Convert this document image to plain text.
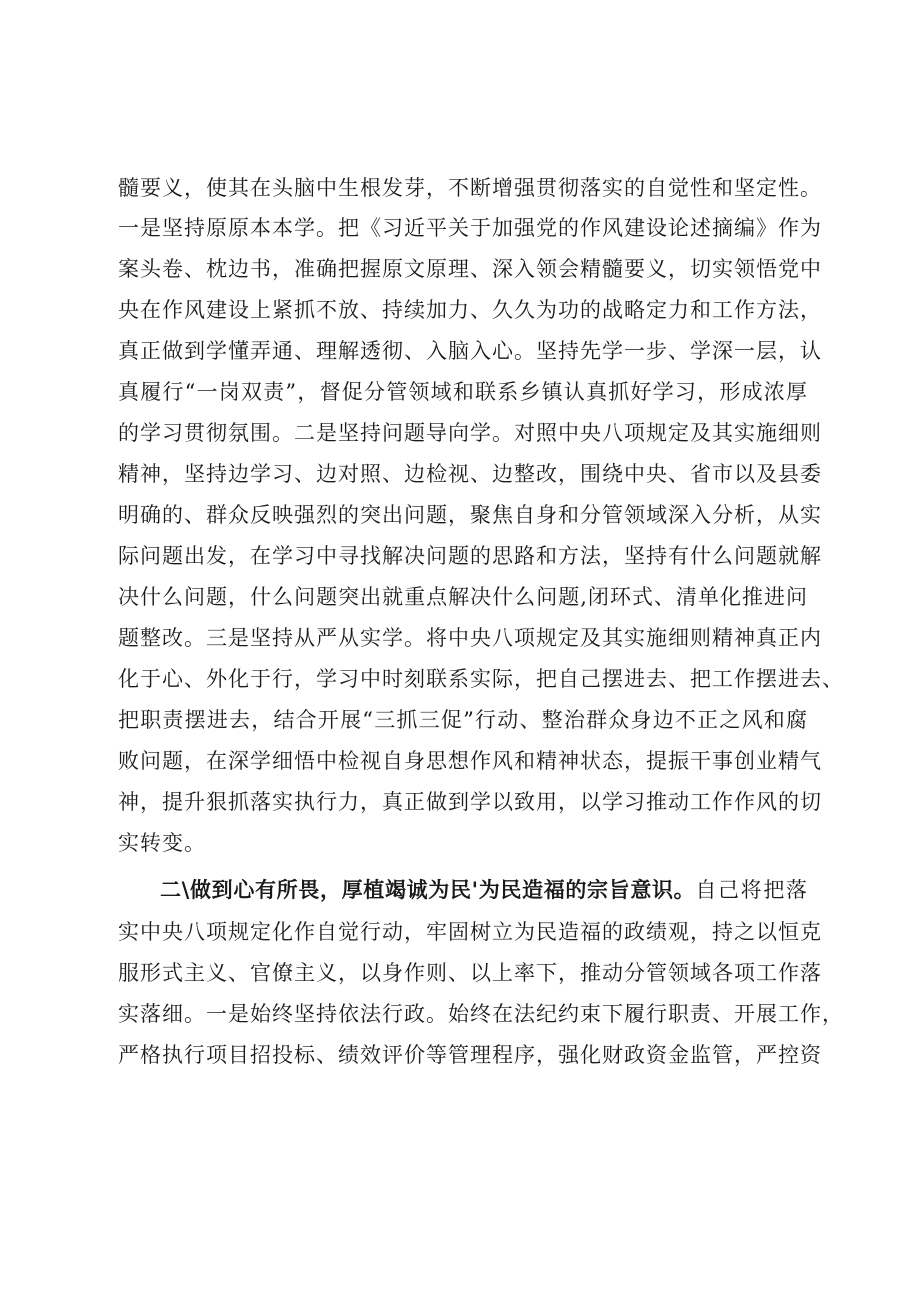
髓要义，使其在头脑中生根发芽，不断增强贯彻落实的自觉性和坚定性。
一是坚持原原本本学。把《习近平关于加强党的作风建设论述摘编》作为
案头卷、枕边书，准确把握原文原理、深入领会精髓要义，切实领悟党中
央在作风建设上紧抓不放、持续加力、久久为功的战略定力和工作方法，
真正做到学懂弄通、理解透彻、入脑入心。坚持先学一步、学深一层，认
真履行“一岗双责”，督促分管领域和联系乡镇认真抓好学习，形成浓厚
的学习贯彻氛围。二是坚持问题导向学。对照中央八项规定及其实施细则
精神，坚持边学习、边对照、边检视、边整改，围绕中央、省市以及县委
明确的、群众反映强烈的突出问题，聚焦自身和分管领域深入分析，从实
际问题出发，在学习中寻找解决问题的思路和方法，坚持有什么问题就解
决什么问题，什么问题突出就重点解决什么问题,闭环式、清单化推进问
题整改。三是坚持从严从实学。将中央八项规定及其实施细则精神真正内
化于心、外化于行，学习中时刻联系实际，把自己摆进去、把工作摆进去、
把职责摆进去，结合开展“三抓三促”行动、整治群众身边不正之风和腐
败问题，在深学细悟中检视自身思想作风和精神状态，提振干事创业精气
神，提升狠抓落实执行力，真正做到学以致用，以学习推动工作作风的切
实转变。
二\做到心有所畏，厚植竭诚为民'为民造福的宗旨意识。自己将把落
实中央八项规定化作自觉行动，牢固树立为民造福的政绩观，持之以恒克
服形式主义、官僚主义，以身作则、以上率下，推动分管领域各项工作落
实落细。一是始终坚持依法行政。始终在法纪约束下履行职责、开展工作，
严格执行项目招投标、绩效评价等管理程序，强化财政资金监管，严控资
